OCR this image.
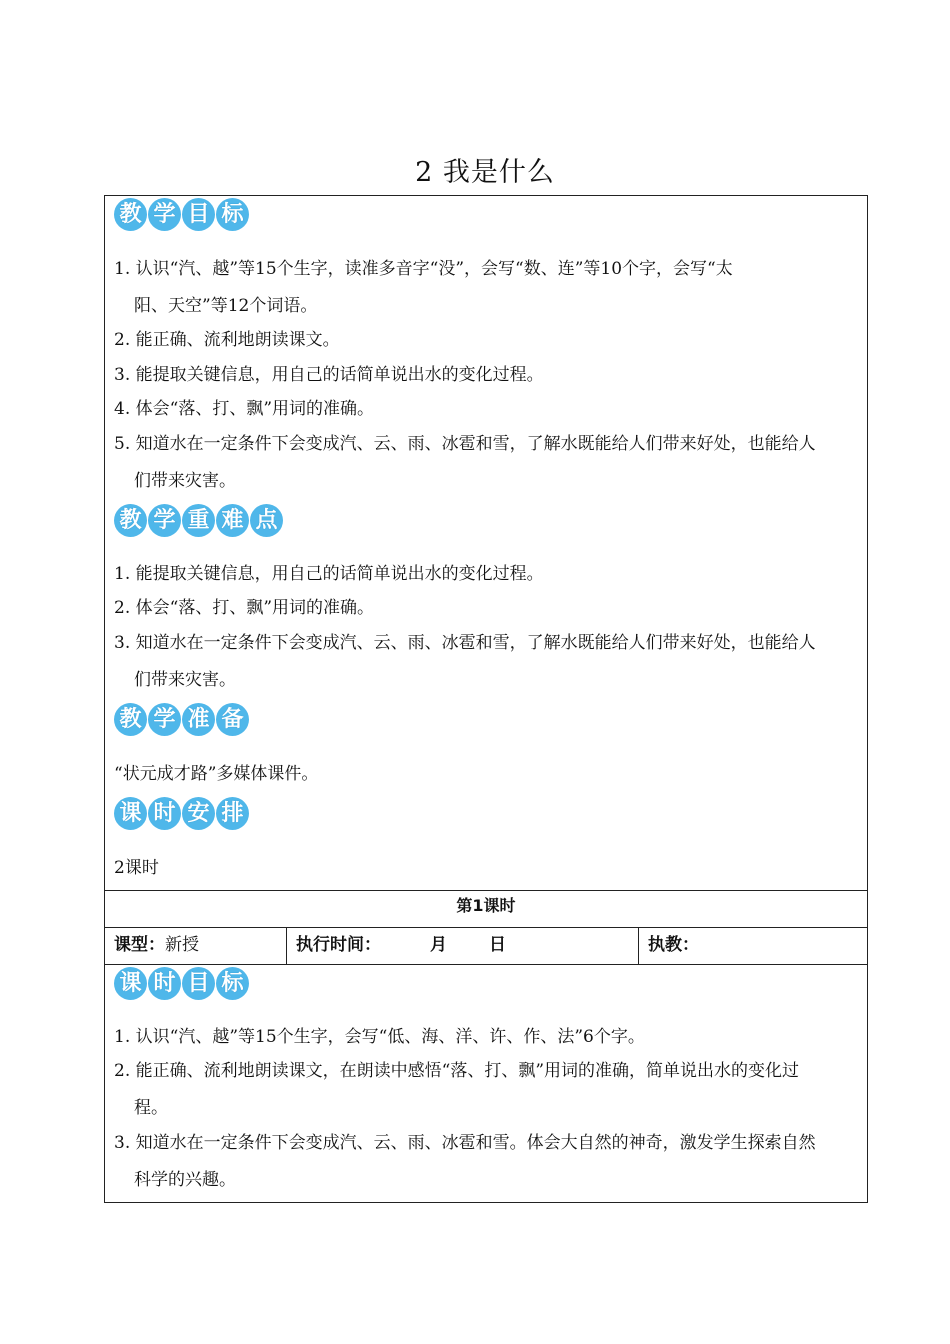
2 我是什么
教 学 目 标
1. 认识“汽、越”等15个生字，读准多音字“没”，会写“数、连”等10个字，会写“太
阳、天空”等12个词语。
2. 能正确、流利地朗读课文。
3. 能提取关键信息，用自己的话简单说出水的变化过程。
4. 体会“落、打、飘”用词的准确。
5. 知道水在一定条件下会变成汽、云、雨、冰雹和雪，了解水既能给人们带来好处，也能给人
们带来灾害。
教 学 重 难 点
1. 能提取关键信息，用自己的话简单说出水的变化过程。
2. 体会“落、打、飘”用词的准确。
3. 知道水在一定条件下会变成汽、云、雨、冰雹和雪，了解水既能给人们带来好处，也能给人
们带来灾害。
教 学 准 备
“状元成才路”多媒体课件。
课 时 安 排
2课时
第1课时
课型：新授	执行时间：	月 日	执教：
课 时 目 标
1. 认识“汽、越”等15个生字，会写“低、海、洋、许、作、法”6个字。
2. 能正确、流利地朗读课文，在朗读中感悟“落、打、飘”用词的准确，简单说出水的变化过
程。
3. 知道水在一定条件下会变成汽、云、雨、冰雹和雪。体会大自然的神奇，激发学生探索自然
科学的兴趣。
